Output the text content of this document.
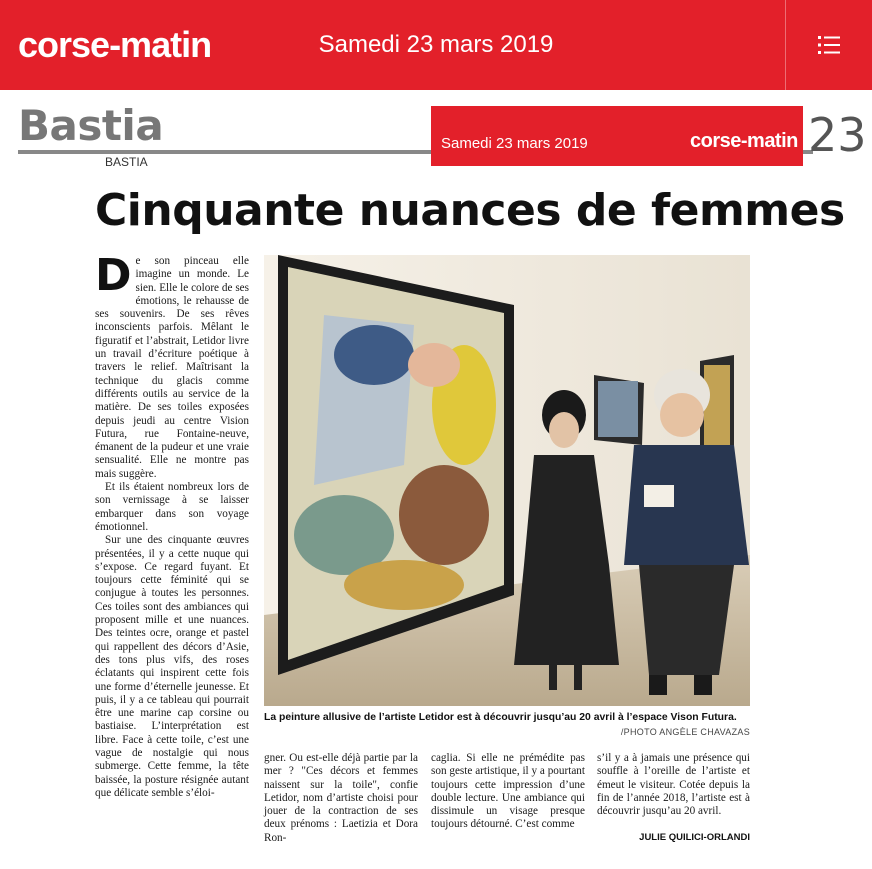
corse-matin	Samedi 23 mars 2019
Bastia
BASTIA
Samedi 23 mars 2019	corse-matin 23
Cinquante nuances de femmes

De son pinceau elle imagine un monde. Le sien. Elle le colore de ses émotions, le rehausse de ses souvenirs. De ses rêves inconscients parfois. Mêlant le figuratif et l’abstrait, Letidor livre un travail d’écriture poétique à travers le relief. Maîtrisant la technique du glacis comme différents outils au service de la matière. De ses toiles exposées depuis jeudi au centre Vision Futura, rue Fontaine-neuve, émanent de la pudeur et une vraie sensualité. Elle ne montre pas mais suggère.

Et ils étaient nombreux lors de son vernissage à se laisser embarquer dans son voyage émotionnel.

Sur une des cinquante œuvres présentées, il y a cette nuque qui s’expose. Ce regard fuyant. Et toujours cette féminité qui se conjugue à toutes les personnes. Ces toiles sont des ambiances qui proposent mille et une nuances. Des teintes ocre, orange et pastel qui rappellent des décors d’Asie, des tons plus vifs, des roses éclatants qui inspirent cette fois une forme d’éternelle jeunesse. Et puis, il y a ce tableau qui pourrait être une marine cap corsine ou bastiaise. L’interprétation est libre. Face à cette toile, c’est une vague de nostalgie qui nous submerge. Cette femme, la tête baissée, la posture résignée autant que délicate semble s’éloi-

La peinture allusive de l’artiste Letidor est à découvrir jusqu’au 20 avril à l’espace Vison Futura.
/PHOTO ANGÈLE CHAVAZAS

gner. Ou est-elle déjà partie par la mer ? "Ces décors et femmes naissent sur la toile", confie Letidor, nom d’artiste choisi pour jouer de la contraction de ses deux prénoms : Laetizia et Dora Ron-

caglia. Si elle ne prémédite pas son geste artistique, il y a pourtant toujours cette impression d’une double lecture. Une ambiance qui dissimule un visage presque toujours détourné. C’est comme

s’il y a à jamais une présence qui souffle à l’oreille de l’artiste et émeut le visiteur. Cotée depuis la fin de l’année 2018, l’artiste est à découvrir jusqu’au 20 avril.

JULIE QUILICI-ORLANDI
